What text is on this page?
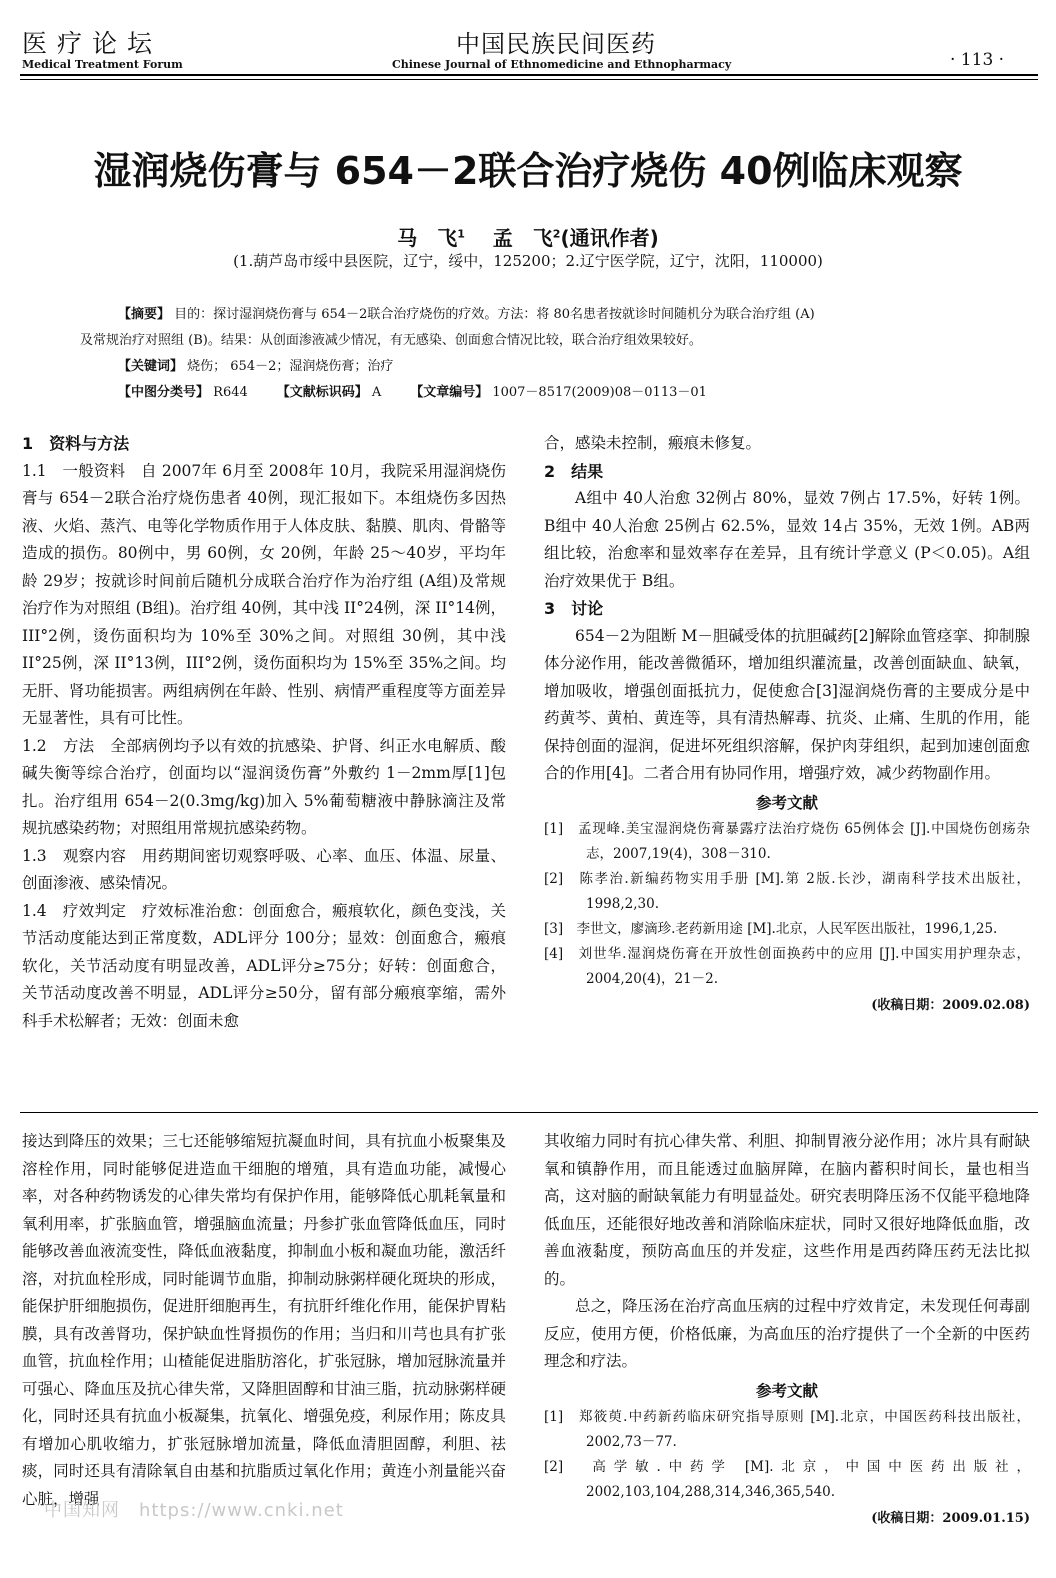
医疗论坛
Medical Treatment Forum
中国民族民间医药
Chinese Journal of Ethnomedicine and Ethnopharmacy	· 113 ·
湿润烧伤膏与 654－2联合治疗烧伤 40例临床观察
马　飞$^1$ 孟　飞$^2$(通讯作者)
(1.葫芦岛市绥中县医院，辽宁，绥中，125200；2.辽宁医学院，辽宁，沈阳，110000)
【摘要】 目的：探讨湿润烧伤膏与 654－2联合治疗烧伤的疗效。方法：将 80名患者按就诊时间随机分为联合治疗组 (A)
及常规治疗对照组 (B)。结果：从创面渗液减少情况，有无感染、创面愈合情况比较，联合治疗组效果较好。
【关键词】 烧伤； 654－2；湿润烧伤膏；治疗
【中图分类号】 R644 【文献标识码】 A 【文章编号】 1007－8517(2009)08－0113－01

1　资料与方法

1.1　一般资料　自 2007年 6月至 2008年 10月，我院采用湿润烧伤膏与 654－2联合治疗烧伤患者 40例，现汇报如下。本组烧伤多因热液、火焰、蒸汽、电等化学物质作用于人体皮肤、黏膜、肌肉、骨骼等造成的损伤。80例中，男 60例，女 20例，年龄 25～40岁，平均年龄 29岁；按就诊时间前后随机分成联合治疗作为治疗组 (A组)及常规治疗作为对照组 (B组)。治疗组 40例，其中浅 II°24例，深 II°14例，III°2例，烫伤面积均为 10%至 30%之间。对照组 30例，其中浅 II°25例，深 II°13例，III°2例，烫伤面积均为 15%至 35%之间。均无肝、肾功能损害。两组病例在年龄、性别、病情严重程度等方面差异无显著性，具有可比性。

1.2　方法　全部病例均予以有效的抗感染、护肾、纠正水电解质、酸碱失衡等综合治疗，创面均以“湿润烫伤膏”外敷约 1－2mm厚[1]包扎。治疗组用 654－2(0.3mg/kg)加入 5%葡萄糖液中静脉滴注及常规抗感染药物；对照组用常规抗感染药物。

1.3　观察内容　用药期间密切观察呼吸、心率、血压、体温、尿量、创面渗液、感染情况。

1.4　疗效判定　疗效标准治愈：创面愈合，瘢痕软化，颜色变浅，关节活动度能达到正常度数，ADL评分 100分；显效：创面愈合，瘢痕软化，关节活动度有明显改善，ADL评分≥75分；好转：创面愈合，关节活动度改善不明显，ADL评分≥50分，留有部分瘢痕挛缩，需外科手术松解者；无效：创面未愈

合，感染未控制，瘢痕未修复。

2　结果

A组中 40人治愈 32例占 80%，显效 7例占 17.5%，好转 1例。B组中 40人治愈 25例占 62.5%，显效 14占 35%，无效 1例。AB两组比较，治愈率和显效率存在差异，且有统计学意义 (P＜0.05)。A组治疗效果优于 B组。

3　讨论

654－2为阻断 M－胆碱受体的抗胆碱药[2]解除血管痉挛、抑制腺体分泌作用，能改善微循环，增加组织灌流量，改善创面缺血、缺氧，增加吸收，增强创面抵抗力，促使愈合[3]湿润烧伤膏的主要成分是中药黄芩、黄柏、黄连等，具有清热解毒、抗炎、止痛、生肌的作用，能保持创面的湿润，促进坏死组织溶解，保护肉芽组织，起到加速创面愈合的作用[4]。二者合用有协同作用，增强疗效，减少药物副作用。

参考文献

[1]　孟现峰.美宝湿润烧伤膏暴露疗法治疗烧伤 65例体会 [J].中国烧伤创疡杂志，2007,19(4)，308－310.

[2]　陈孝治.新编药物实用手册 [M].第 2版.长沙，湖南科学技术出版社，1998,2,30.

[3]　李世文，廖滴珍.老药新用途 [M].北京，人民军医出版社，1996,1,25.

[4]　刘世华.湿润烧伤膏在开放性创面换药中的应用 [J].中国实用护理杂志，2004,20(4)，21－2.

(收稿日期：2009.02.08)

接达到降压的效果；三七还能够缩短抗凝血时间，具有抗血小板聚集及溶栓作用，同时能够促进造血干细胞的增殖，具有造血功能，减慢心率，对各种药物诱发的心律失常均有保护作用，能够降低心肌耗氧量和氧利用率，扩张脑血管，增强脑血流量；丹参扩张血管降低血压，同时能够改善血液流变性，降低血液黏度，抑制血小板和凝血功能，激活纤溶，对抗血栓形成，同时能调节血脂，抑制动脉粥样硬化斑块的形成，能保护肝细胞损伤，促进肝细胞再生，有抗肝纤维化作用，能保护胃粘膜，具有改善肾功，保护缺血性肾损伤的作用；当归和川芎也具有扩张血管，抗血栓作用；山楂能促进脂肪溶化，扩张冠脉，增加冠脉流量并可强心、降血压及抗心律失常，又降胆固醇和甘油三脂，抗动脉粥样硬化，同时还具有抗血小板凝集，抗氧化、增强免疫，利尿作用；陈皮具有增加心肌收缩力，扩张冠脉增加流量，降低血清胆固醇，利胆、祛痰，同时还具有清除氧自由基和抗脂质过氧化作用；黄连小剂量能兴奋心脏，增强

其收缩力同时有抗心律失常、利胆、抑制胃液分泌作用；冰片具有耐缺氧和镇静作用，而且能透过血脑屏障，在脑内蓄积时间长，量也相当高，这对脑的耐缺氧能力有明显益处。研究表明降压汤不仅能平稳地降低血压，还能很好地改善和消除临床症状，同时又很好地降低血脂，改善血液黏度，预防高血压的并发症，这些作用是西药降压药无法比拟的。

总之，降压汤在治疗高血压病的过程中疗效肯定，未发现任何毒副反应，使用方便，价格低廉，为高血压的治疗提供了一个全新的中医药理念和疗法。

参考文献

[1]　郑筱萸.中药新药临床研究指导原则 [M].北京，中国医药科技出版社，2002,73－77.

[2]　高学敏.中药学 [M].北京，中国中医药出版社，2002,103,104,288,314,346,365,540.

(收稿日期：2009.01.15)

中国知网　https://www.cnki.net
